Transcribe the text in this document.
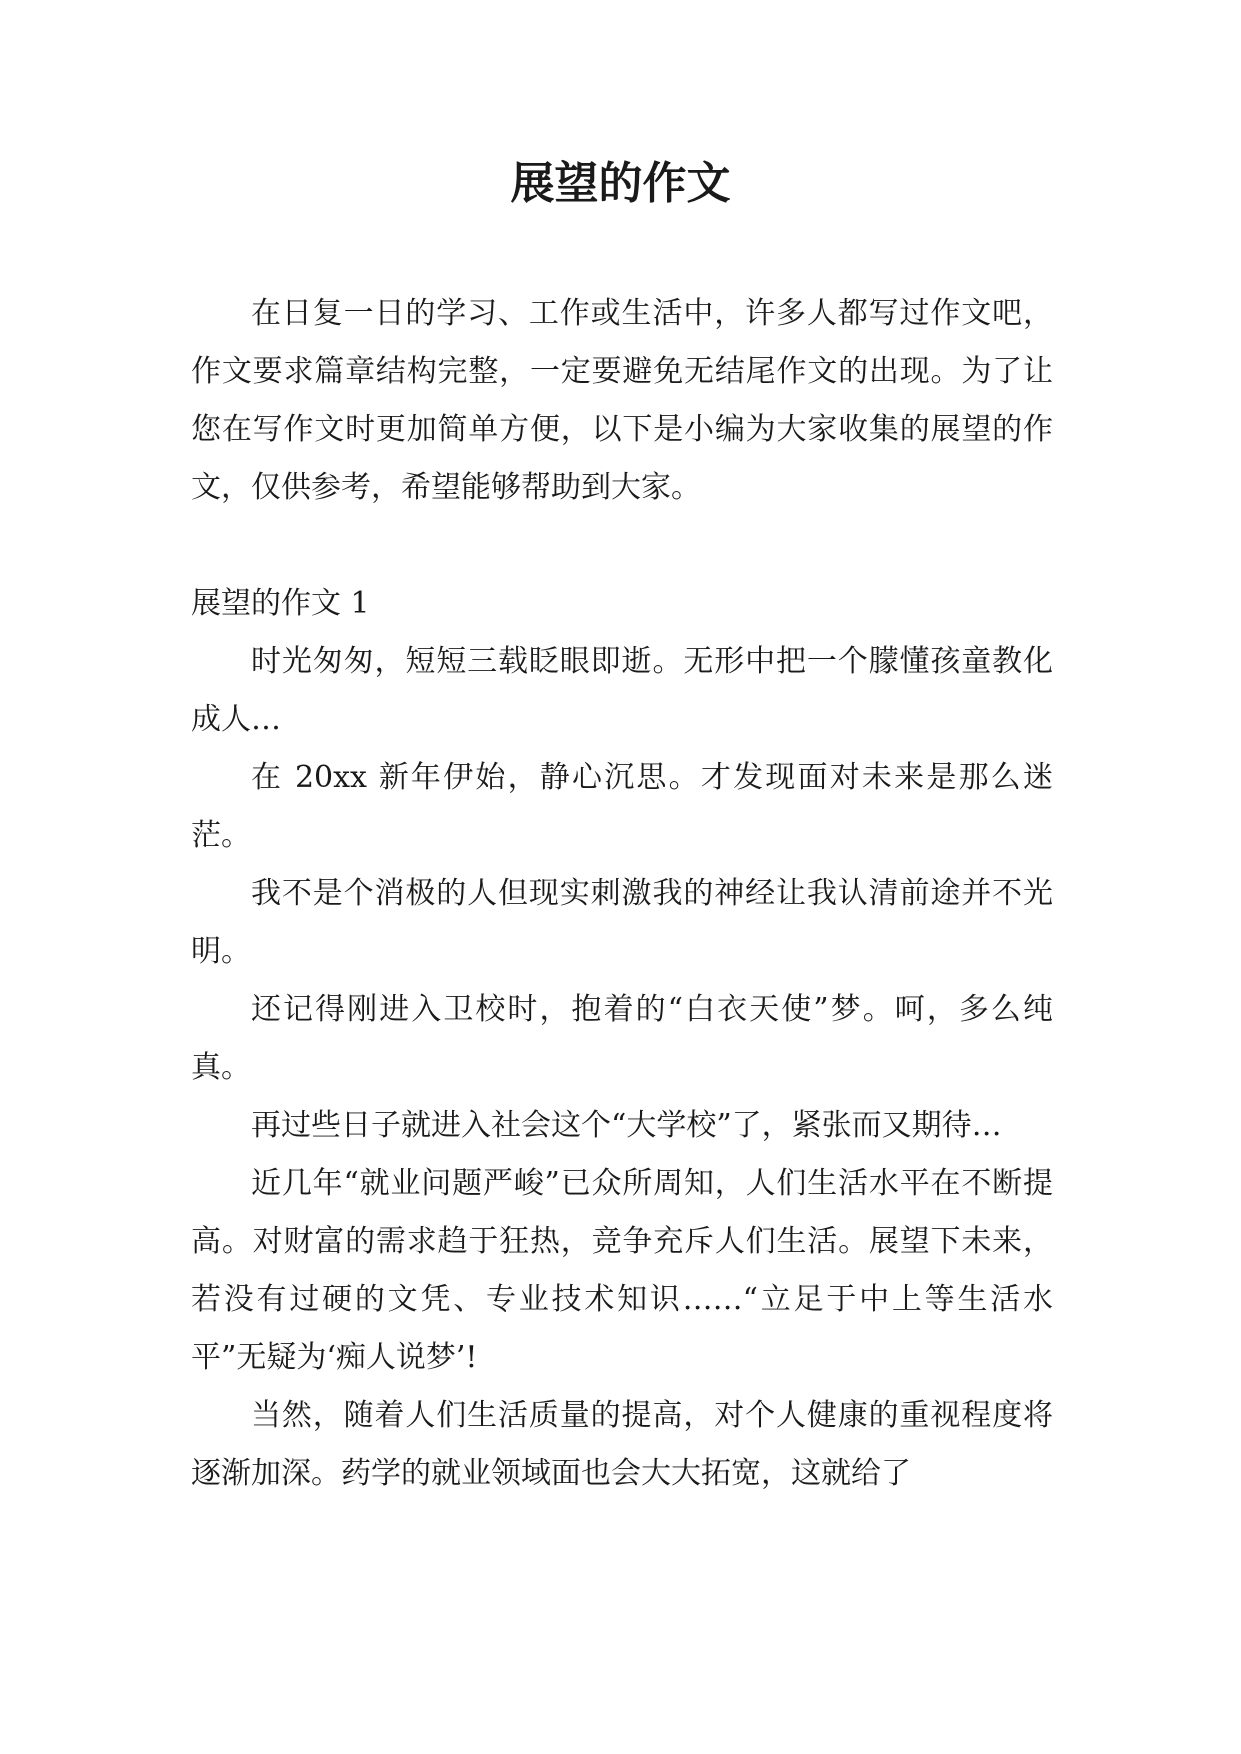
展望的作文

在日复一日的学习、工作或生活中，许多人都写过作文吧，作文要求篇章结构完整，一定要避免无结尾作文的出现。为了让您在写作文时更加简单方便，以下是小编为大家收集的展望的作文，仅供参考，希望能够帮助到大家。

展望的作文 1

时光匆匆，短短三载眨眼即逝。无形中把一个朦懂孩童教化成人…

在 20xx 新年伊始，静心沉思。才发现面对未来是那么迷茫。

我不是个消极的人但现实刺激我的神经让我认清前途并不光明。

还记得刚进入卫校时，抱着的“白衣天使”梦。呵，多么纯真。

再过些日子就进入社会这个“大学校”了，紧张而又期待…

近几年“就业问题严峻”已众所周知，人们生活水平在不断提高。对财富的需求趋于狂热，竞争充斥人们生活。展望下未来，若没有过硬的文凭、专业技术知识……“立足于中上等生活水平”无疑为‘痴人说梦’!

当然，随着人们生活质量的提高，对个人健康的重视程度将逐渐加深。药学的就业领域面也会大大拓宽，这就给了
